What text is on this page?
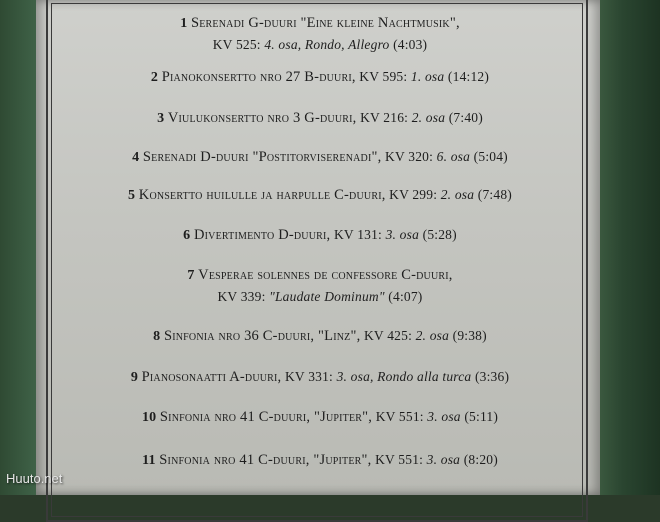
1 Serenadi G-duuri "Eine kleine Nachtmusik",
KV 525: 4. osa, Rondo, Allegro (4:03)
2 Pianokonsertto nro 27 B-duuri, KV 595: 1. osa (14:12)
3 Viulukonsertto nro 3 G-duuri, KV 216: 2. osa (7:40)
4 Serenadi D-duuri "Postitorviserenadi", KV 320: 6. osa (5:04)
5 Konsertto huilulle ja harpulle C-duuri, KV 299: 2. osa (7:48)
6 Divertimento D-duuri, KV 131: 3. osa (5:28)
7 Vesperae solennes de confessore C-duuri,
KV 339: "Laudate Dominum" (4:07)
8 Sinfonia nro 36 C-duuri, "Linz", KV 425: 2. osa (9:38)
9 Pianosonaatti A-duuri, KV 331: 3. osa, Rondo alla turca (3:36)
10 Sinfonia nro 41 C-duuri, "Jupiter", KV 551: 3. osa (5:11)
11 Sinfonia nro 41 C-duuri, "Jupiter", KV 551: 3. osa (8:20)
Huuto.net
